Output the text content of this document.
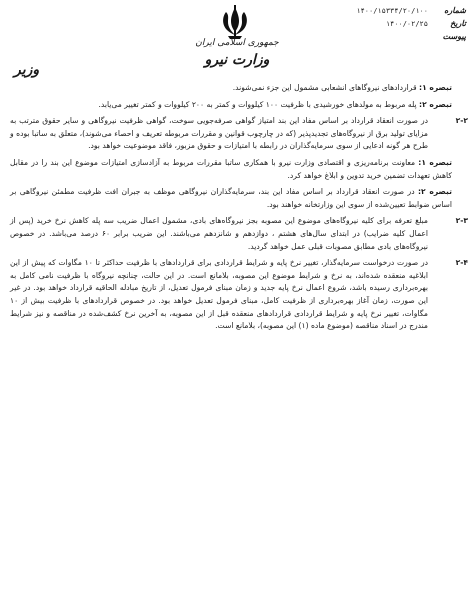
جمهوری اسلامی ایران
وزارت نیرو
شماره
۱۴۰۰/۱۵۳۳۴/۲۰/۱۰۰
تاریخ
۱۴۰۰/۰۲/۲۵
پیوست
وزیر
تبصره ۱: قراردادهای نیروگاهای انشعابی مشمول این جزء نمی‌شوند.
تبصره ۲: پله مربوط به مولدهای خورشیدی با ظرفیت ۱۰۰ کیلووات و کمتر به ۲۰۰ کیلووات و کمتر تغییر می‌یابد.
۲-۲
در صورت انعقاد قرارداد بر اساس مفاد این بند امتیاز گواهی صرفه‌جویی سوخت، گواهی ظرفیت نیروگاهی و سایر حقوق مترتب به مزایای تولید برق از نیروگاه‌های تجدیدپذیر (که در چارچوب قوانین و مقررات مربوطه تعریف و احصاء می‌شوند)، متعلق به ساتبا بوده و طرح هر گونه ادعایی از سوی سرمایه‌گذاران در رابطه با امتیازات و حقوق مزبور، فاقد موضوعیت خواهد بود.
تبصره ۱: معاونت برنامه‌ریزی و اقتصادی وزارت نیرو با همکاری ساتبا مقررات مربوط به آزادسازی امتیازات موضوع این بند را در مقابل کاهش تعهدات تضمین خرید تدوین و ابلاغ خواهد کرد.
تبصره ۲: در صورت انعقاد قرارداد بر اساس مفاد این بند، سرمایه‌گذاران نیروگاهی موظف به جبران افت ظرفیت مطمئن نیروگاهی بر اساس ضوابط تعیین‌شده از سوی این وزارتخانه خواهند بود.
۲-۳
مبلغ تعرفه برای کلیه نیروگاه‌های موضوع این مصوبه بجز نیروگاه‌های بادی، مشمول اعمال ضریب سه پله کاهش نرخ خرید (پس از اعمال کلیه ضرایب) در ابتدای سال‌های هشتم ، دوازدهم و شانزدهم می‌باشند. این ضریب برابر ۶۰ درصد می‌باشد. در خصوص نیروگاه‌های بادی مطابق مصوبات قبلی عمل خواهد گردید.
۲-۴
در صورت درخواست سرمایه‌گذار، تغییر نرخ پایه و شرایط قراردادی برای قراردادهای با ظرفیت حداکثر تا ۱۰ مگاوات که پیش از این ابلاغیه منعقده شده‌اند، به نرخ و شرایط موضوع این مصوبه، بلامانع است. در این حالت، چنانچه نیروگاه با ظرفیت نامی کامل به بهره‌برداری رسیده باشد، شروع اعمال نرخ پایه جدید و زمان مبنای فرمول تعدیل، از تاریخ مبادله الحاقیه قرارداد خواهد بود. در غیر این صورت، زمان آغاز بهره‌برداری از ظرفیت کامل، مبنای فرمول تعدیل خواهد بود. در خصوص قراردادهای با ظرفیت بیش از ۱۰ مگاوات، تغییر نرخ پایه و شرایط قراردادی قراردادهای منعقده قبل از این مصوبه، به آخرین نرخ کشف‌شده در مناقصه و نیز شرایط مندرج در اسناد مناقصه (موضوع ماده (۱) این مصوبه)، بلامانع است.
